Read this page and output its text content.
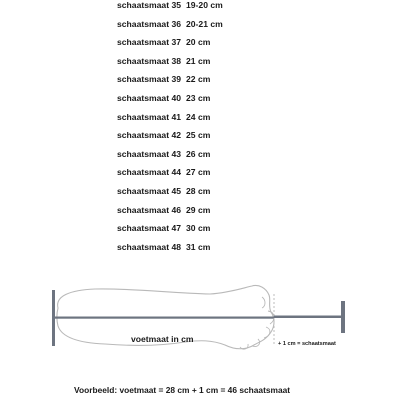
schaatsmaat 35 19-20 cm
schaatsmaat 36 20-21 cm
schaatsmaat 37 20 cm
schaatsmaat 38 21 cm
schaatsmaat 39 22 cm
schaatsmaat 40 23 cm
schaatsmaat 41 24 cm
schaatsmaat 42 25 cm
schaatsmaat 43 26 cm
schaatsmaat 44 27 cm
schaatsmaat 45 28 cm
schaatsmaat 46 29 cm
schaatsmaat 47 30 cm
schaatsmaat 48 31 cm
voetmaat in cm	+ 1 cm = schaatsmaat
Voorbeeld: voetmaat = 28 cm + 1 cm = 46 schaatsmaat
